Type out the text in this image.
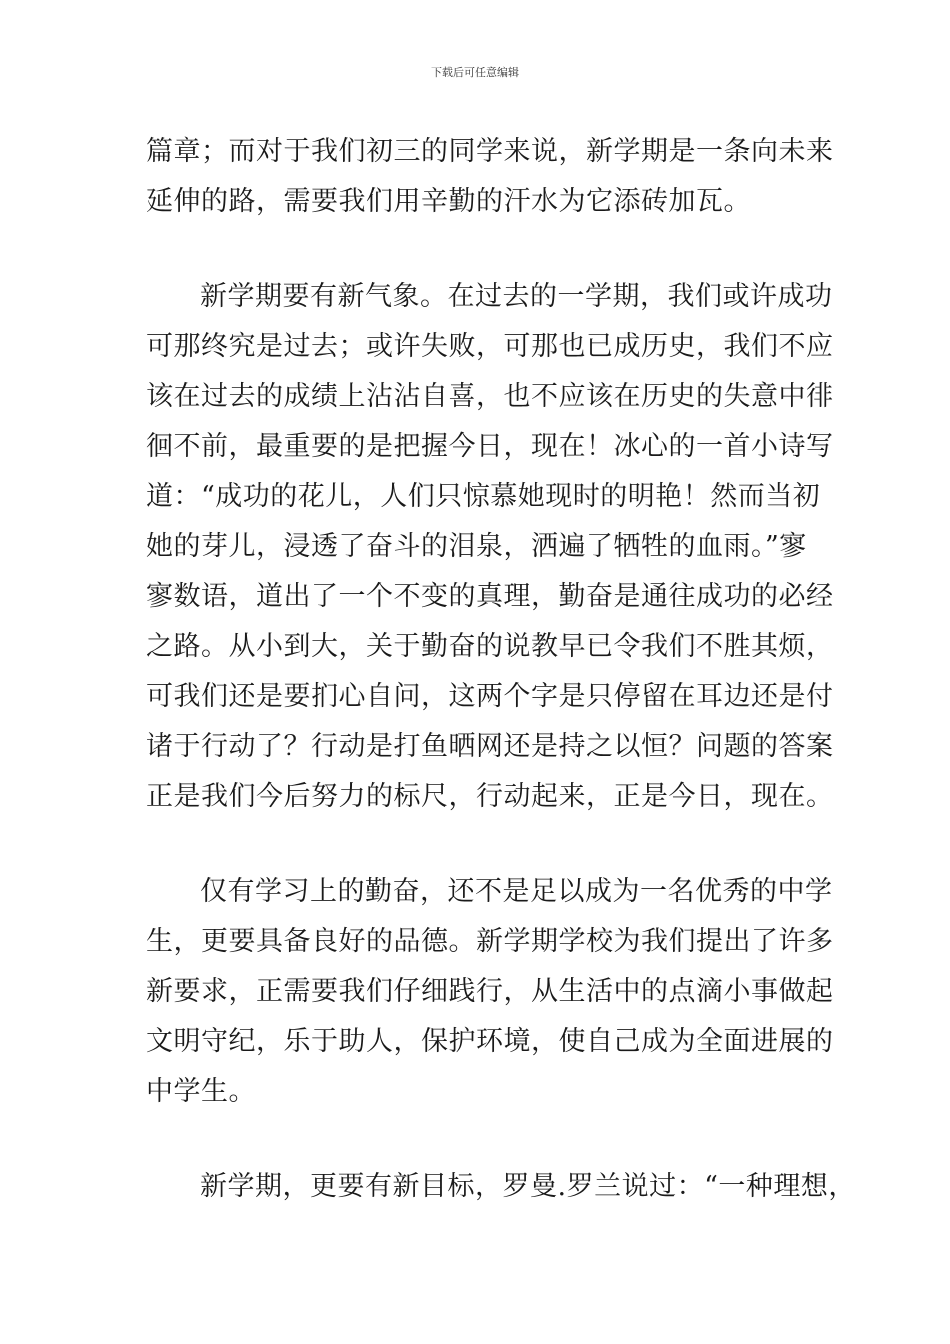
下载后可任意编辑
篇章；而对于我们初三的同学来说，新学期是一条向未来
延伸的路，需要我们用辛勤的汗水为它添砖加瓦。
新学期要有新气象。在过去的一学期，我们或许成功
可那终究是过去；或许失败，可那也已成历史，我们不应
该在过去的成绩上沾沾自喜，也不应该在历史的失意中徘
徊不前，最重要的是把握今日，现在！冰心的一首小诗写
道：“成功的花儿，人们只惊慕她现时的明艳！然而当初
她的芽儿，浸透了奋斗的泪泉，洒遍了牺牲的血雨。”寥
寥数语，道出了一个不变的真理，勤奋是通往成功的必经
之路。从小到大，关于勤奋的说教早已令我们不胜其烦，
可我们还是要扪心自问，这两个字是只停留在耳边还是付
诸于行动了？行动是打鱼晒网还是持之以恒？问题的答案
正是我们今后努力的标尺，行动起来，正是今日，现在。
仅有学习上的勤奋，还不是足以成为一名优秀的中学
生，更要具备良好的品德。新学期学校为我们提出了许多
新要求，正需要我们仔细践行，从生活中的点滴小事做起
文明守纪，乐于助人，保护环境，使自己成为全面进展的
中学生。
新学期，更要有新目标，罗曼.罗兰说过：“一种理想，
